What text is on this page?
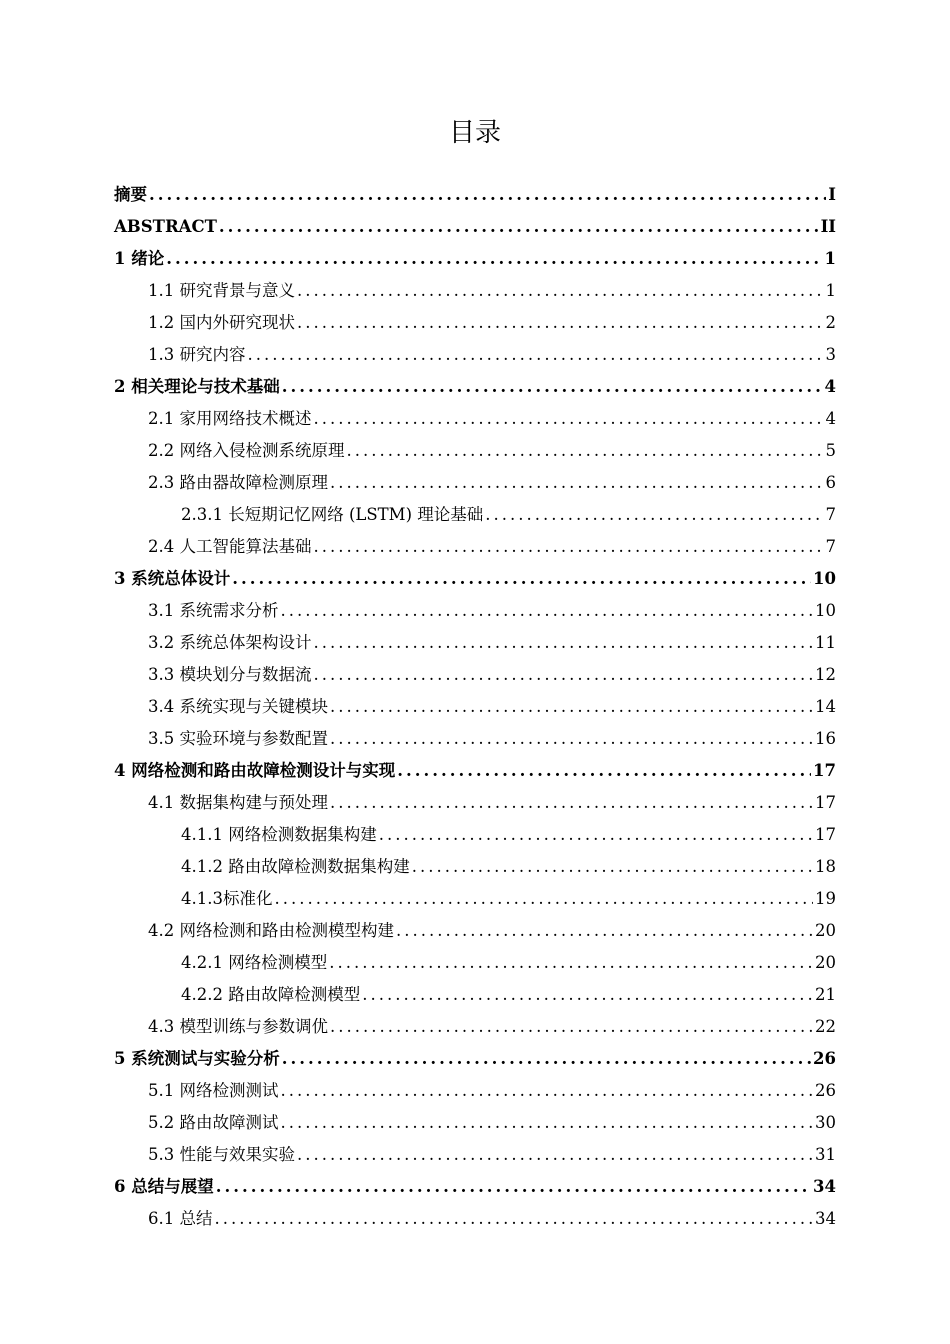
目录
摘要 .....	I
ABSTRACT .....	II
1 绪论 .....	1
1.1 研究背景与意义 .....	1
1.2 国内外研究现状 .....	2
1.3 研究内容 .....	3
2 相关理论与技术基础 .....	4
2.1 家用网络技术概述 .....	4
2.2 网络入侵检测系统原理 .....	5
2.3 路由器故障检测原理 .....	6
2.3.1 长短期记忆网络 (LSTM) 理论基础 .....	7
2.4 人工智能算法基础 .....	7
3 系统总体设计 .....	10
3.1 系统需求分析 .....	10
3.2 系统总体架构设计 .....	11
3.3 模块划分与数据流 .....	12
3.4 系统实现与关键模块 .....	14
3.5 实验环境与参数配置 .....	16
4 网络检测和路由故障检测设计与实现 .....	17
4.1 数据集构建与预处理 .....	17
4.1.1 网络检测数据集构建 .....	17
4.1.2 路由故障检测数据集构建 .....	18
4.1.3标准化 .....	19
4.2 网络检测和路由检测模型构建 .....	20
4.2.1 网络检测模型 .....	20
4.2.2 路由故障检测模型 .....	21
4.3 模型训练与参数调优 .....	22
5 系统测试与实验分析 .....	26
5.1 网络检测测试 .....	26
5.2 路由故障测试 .....	30
5.3 性能与效果实验 .....	31
6 总结与展望 .....	34
6.1 总结 .....	34
